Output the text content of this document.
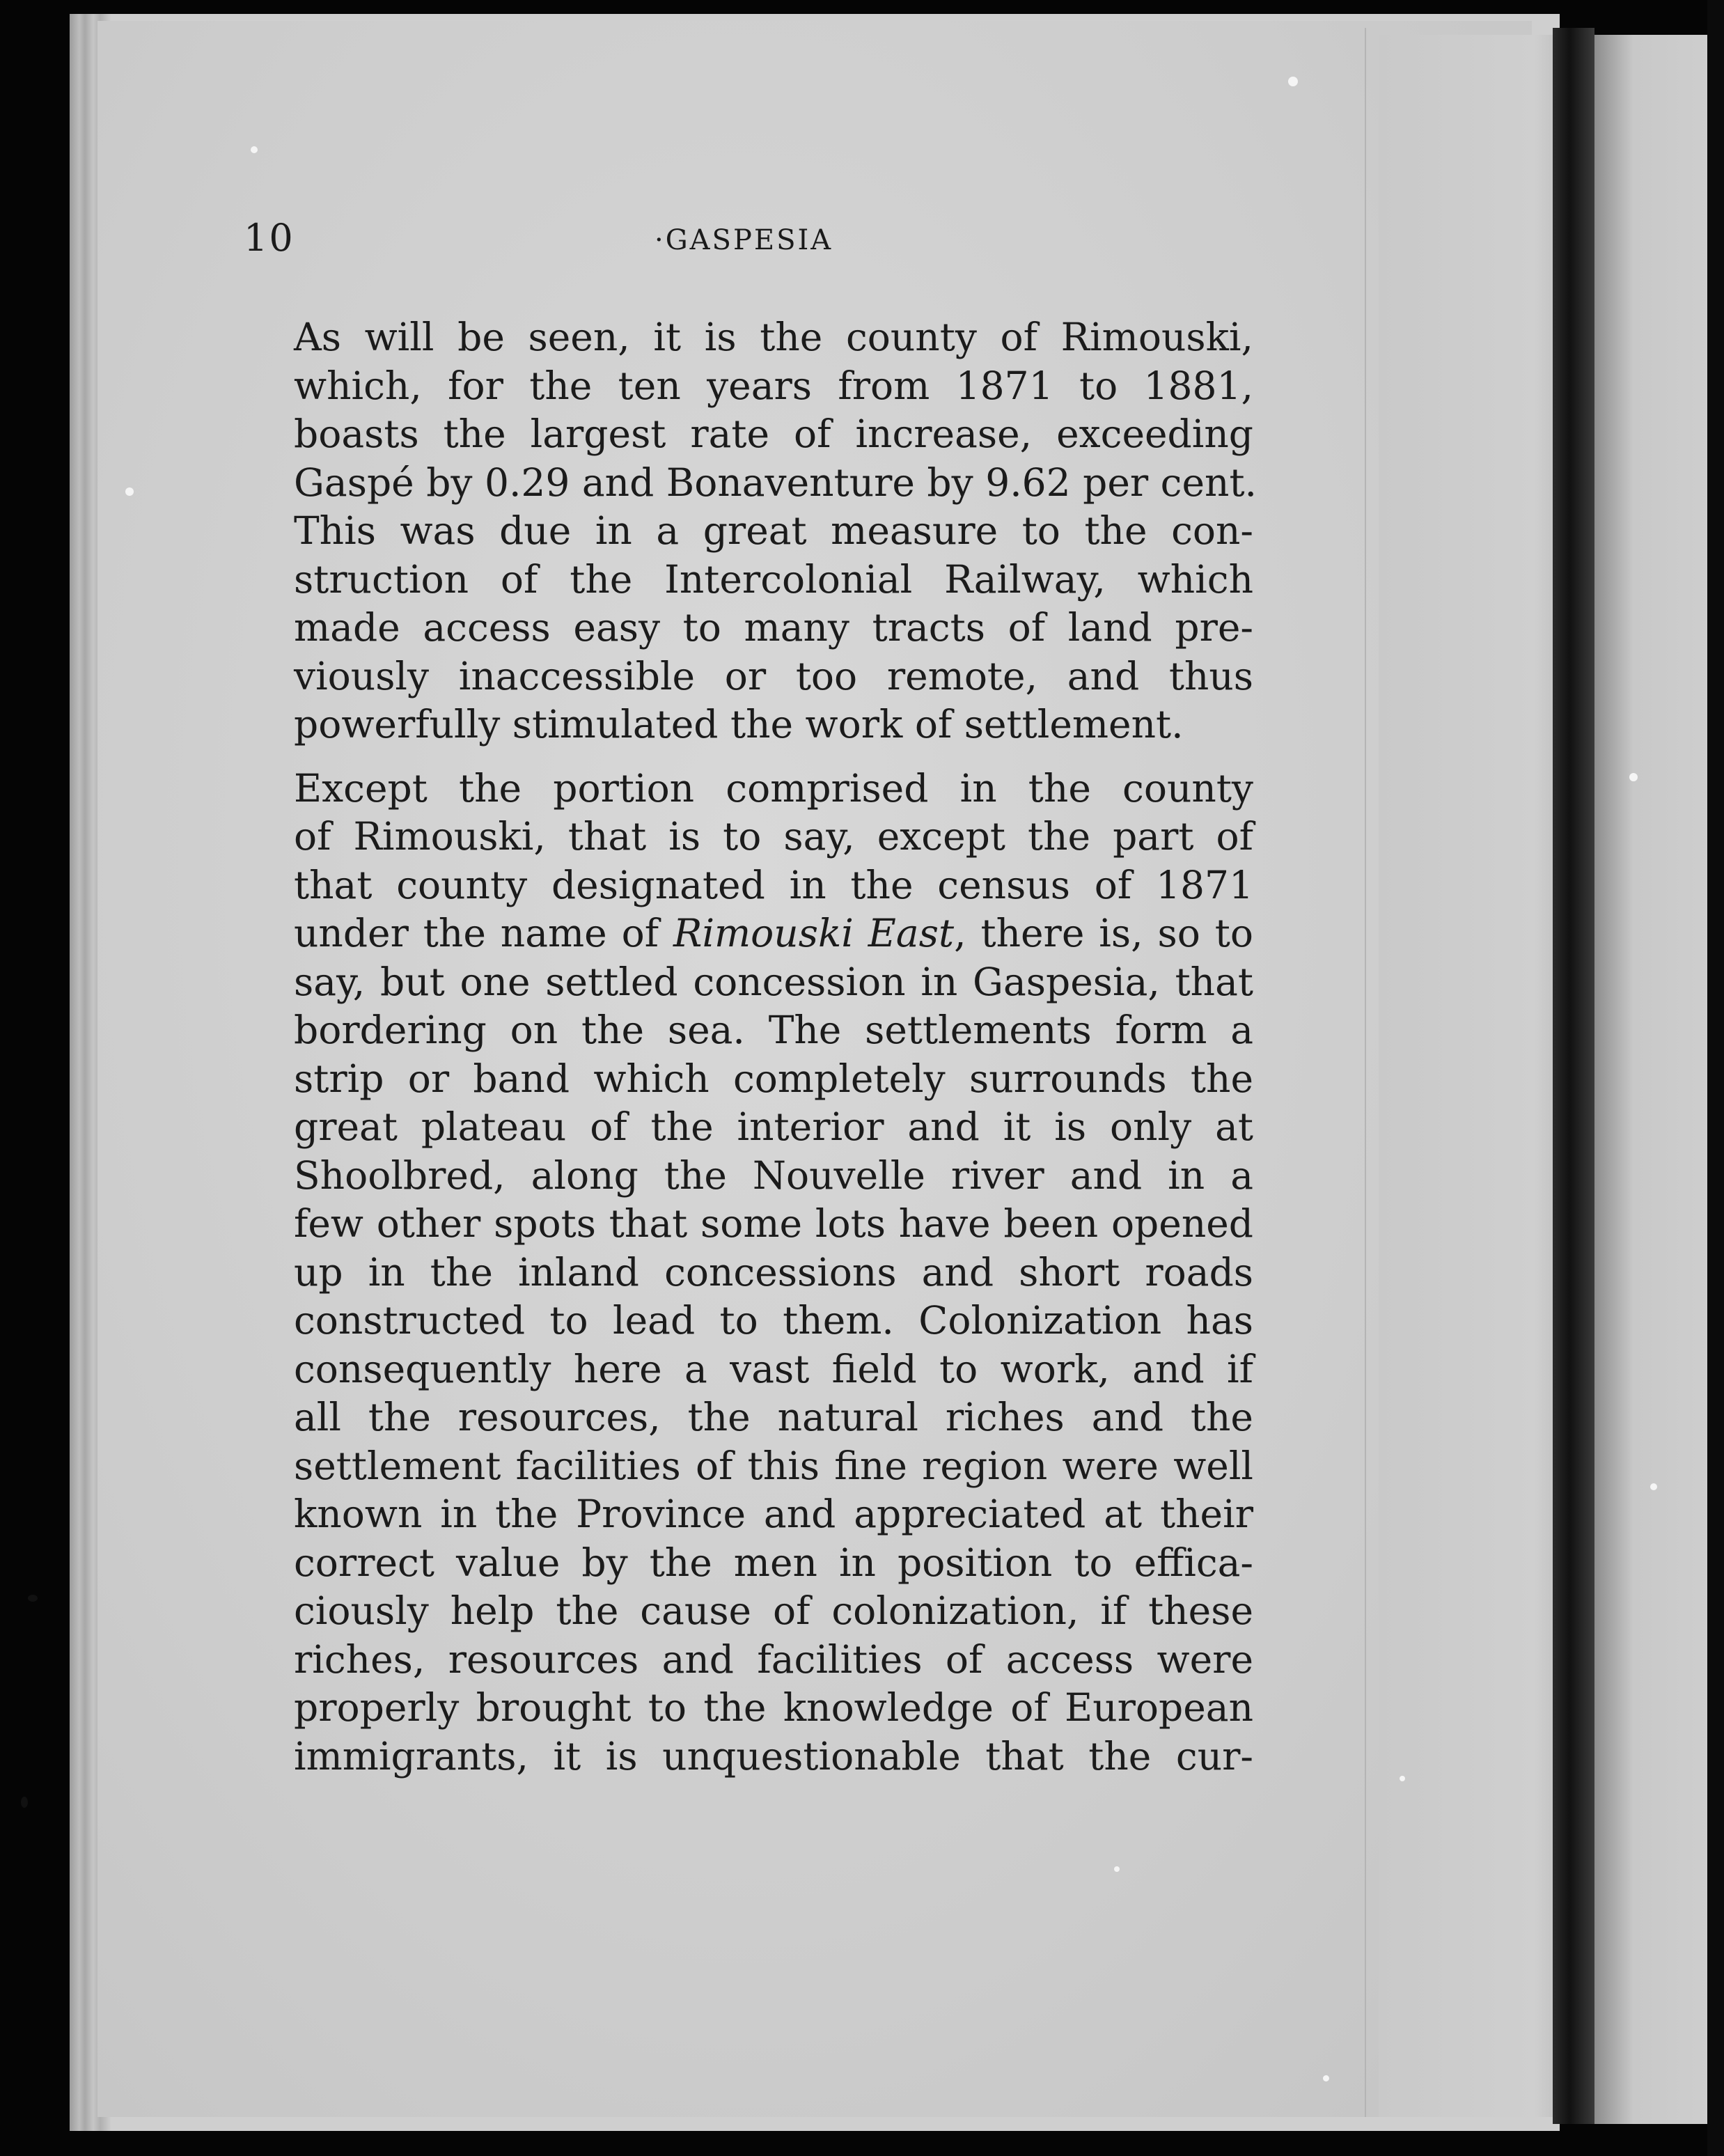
10	·GASPESIA
As will be seen, it is the county of Rimouski,
which, for the ten years from 1871 to 1881,
boasts the largest rate of increase, exceeding
Gaspé by 0.29 and Bonaventure by 9.62 per cent.
This was due in a great measure to the con-
struction of the Intercolonial Railway, which
made access easy to many tracts of land pre-
viously inaccessible or too remote, and thus
powerfully stimulated the work of settlement.
Except the portion comprised in the county
of Rimouski, that is to say, except the part of
that county designated in the census of 1871
under the name of Rimouski East, there is, so to
say, but one settled concession in Gaspesia, that
bordering on the sea. The settlements form a
strip or band which completely surrounds the
great plateau of the interior and it is only at
Shoolbred, along the Nouvelle river and in a
few other spots that some lots have been opened
up in the inland concessions and short roads
constructed to lead to them. Colonization has
consequently here a vast field to work, and if
all the resources, the natural riches and the
settlement facilities of this fine region were well
known in the Province and appreciated at their
correct value by the men in position to effica-
ciously help the cause of colonization, if these
riches, resources and facilities of access were
properly brought to the knowledge of European
immigrants, it is unquestionable that the cur-
